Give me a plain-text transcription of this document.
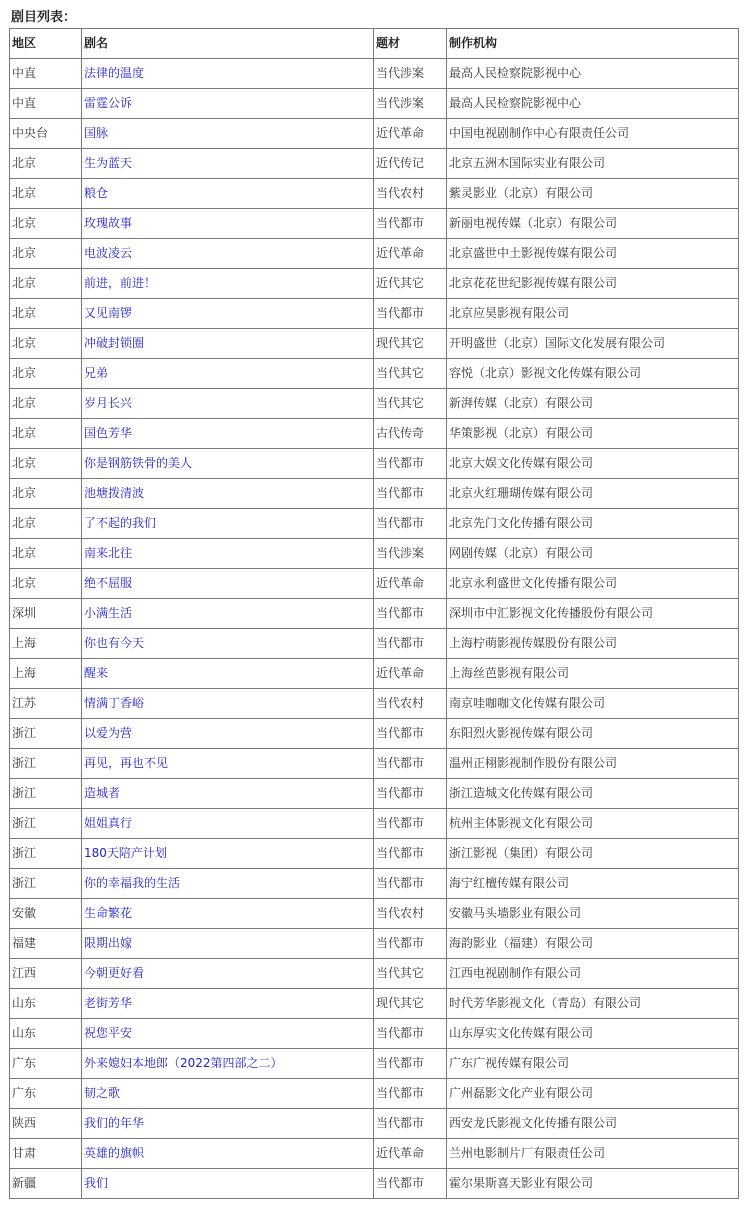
剧目列表：
地区	剧名	题材	制作机构
中直	法律的温度	当代涉案	最高人民检察院影视中心
中直	雷霆公诉	当代涉案	最高人民检察院影视中心
中央台	国脉	近代革命	中国电视剧制作中心有限责任公司
北京	生为蓝天	近代传记	北京五洲木国际实业有限公司
北京	粮仓	当代农村	紫灵影业（北京）有限公司
北京	玫瑰故事	当代都市	新丽电视传媒（北京）有限公司
北京	电波凌云	近代革命	北京盛世中土影视传媒有限公司
北京	前进，前进！	近代其它	北京花花世纪影视传媒有限公司
北京	又见南锣	当代都市	北京应昊影视有限公司
北京	冲破封锁圈	现代其它	开明盛世（北京）国际文化发展有限公司
北京	兄弟	当代其它	容悦（北京）影视文化传媒有限公司
北京	岁月长兴	当代其它	新湃传媒（北京）有限公司
北京	国色芳华	古代传奇	华策影视（北京）有限公司
北京	你是钢筋铁骨的美人	当代都市	北京大娱文化传媒有限公司
北京	池塘拨清波	当代都市	北京火红珊瑚传媒有限公司
北京	了不起的我们	当代都市	北京先门文化传播有限公司
北京	南来北往	当代涉案	网剧传媒（北京）有限公司
北京	绝不屈服	近代革命	北京永利盛世文化传播有限公司
深圳	小满生活	当代都市	深圳市中汇影视文化传播股份有限公司
上海	你也有今天	当代都市	上海柠萌影视传媒股份有限公司
上海	醒来	近代革命	上海丝芭影视有限公司
江苏	情满丁香峪	当代农村	南京哇咖咖文化传媒有限公司
浙江	以爱为营	当代都市	东阳烈火影视传媒有限公司
浙江	再见，再也不见	当代都市	温州正栩影视制作股份有限公司
浙江	造城者	当代都市	浙江造城文化传媒有限公司
浙江	姐姐真行	当代都市	杭州主体影视文化有限公司
浙江	180天陪产计划	当代都市	浙江影视（集团）有限公司
浙江	你的幸福我的生活	当代都市	海宁红檀传媒有限公司
安徽	生命繁花	当代农村	安徽马头墙影业有限公司
福建	限期出嫁	当代都市	海韵影业（福建）有限公司
江西	今朝更好看	当代其它	江西电视剧制作有限公司
山东	老街芳华	现代其它	时代芳华影视文化（青岛）有限公司
山东	祝您平安	当代都市	山东厚实文化传媒有限公司
广东	外来媳妇本地郎（2022第四部之二）	当代都市	广东广视传媒有限公司
广东	韧之歌	当代都市	广州磊影文化产业有限公司
陕西	我们的年华	当代都市	西安龙氏影视文化传播有限公司
甘肃	英雄的旗帜	近代革命	兰州电影制片厂有限责任公司
新疆	我们	当代都市	霍尔果斯喜天影业有限公司
